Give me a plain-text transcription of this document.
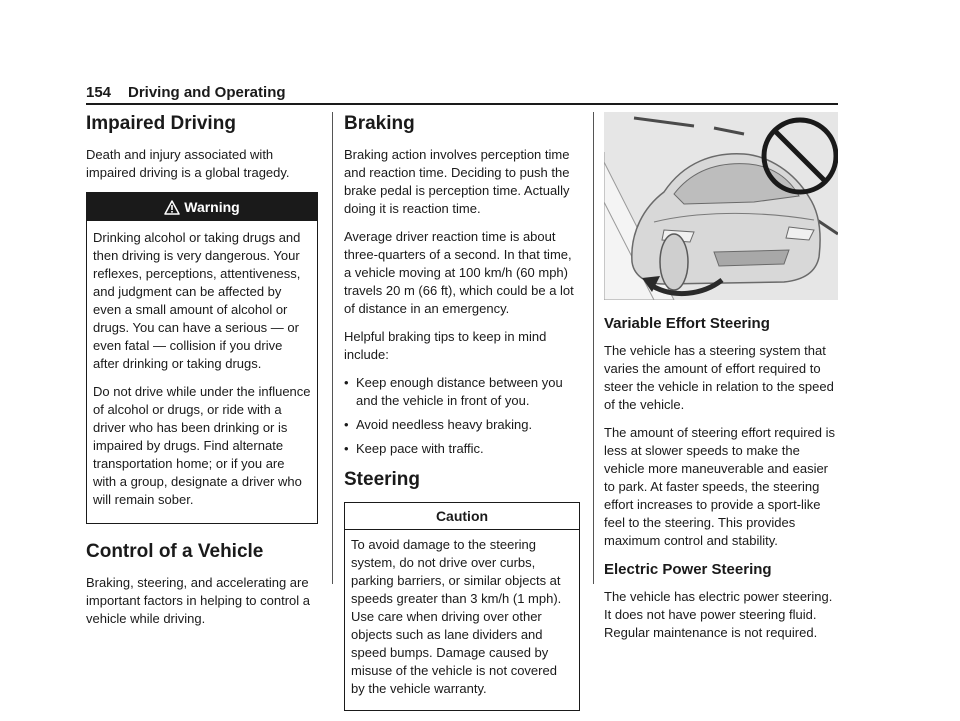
154 Driving and Operating
Impaired Driving

Death and injury associated with impaired driving is a global tragedy.

Warning

Drinking alcohol or taking drugs and then driving is very dangerous. Your reflexes, perceptions, attentiveness, and judgment can be affected by even a small amount of alcohol or drugs. You can have a serious — or even fatal — collision if you drive after drinking or taking drugs.

Do not drive while under the influence of alcohol or drugs, or ride with a driver who has been drinking or is impaired by drugs. Find alternate transportation home; or if you are with a group, designate a driver who will remain sober.

Control of a Vehicle

Braking, steering, and accelerating are important factors in helping to control a vehicle while driving.

Braking

Braking action involves perception time and reaction time. Deciding to push the brake pedal is perception time. Actually doing it is reaction time.

Average driver reaction time is about three-quarters of a second. In that time, a vehicle moving at 100 km/h (60 mph) travels 20 m (66 ft), which could be a lot of distance in an emergency.

Helpful braking tips to keep in mind include:

• Keep enough distance between you and the vehicle in front of you.
• Avoid needless heavy braking.
• Keep pace with traffic.
Steering
Caution

To avoid damage to the steering system, do not drive over curbs, parking barriers, or similar objects at speeds greater than 3 km/h (1 mph). Use care when driving over other objects such as lane dividers and speed bumps. Damage caused by misuse of the vehicle is not covered by the vehicle warranty.

Variable Effort Steering

The vehicle has a steering system that varies the amount of effort required to steer the vehicle in relation to the speed of the vehicle.

The amount of steering effort required is less at slower speeds to make the vehicle more maneuverable and easier to park. At faster speeds, the steering effort increases to provide a sport-like feel to the steering. This provides maximum control and stability.

Electric Power Steering

The vehicle has electric power steering. It does not have power steering fluid. Regular maintenance is not required.
